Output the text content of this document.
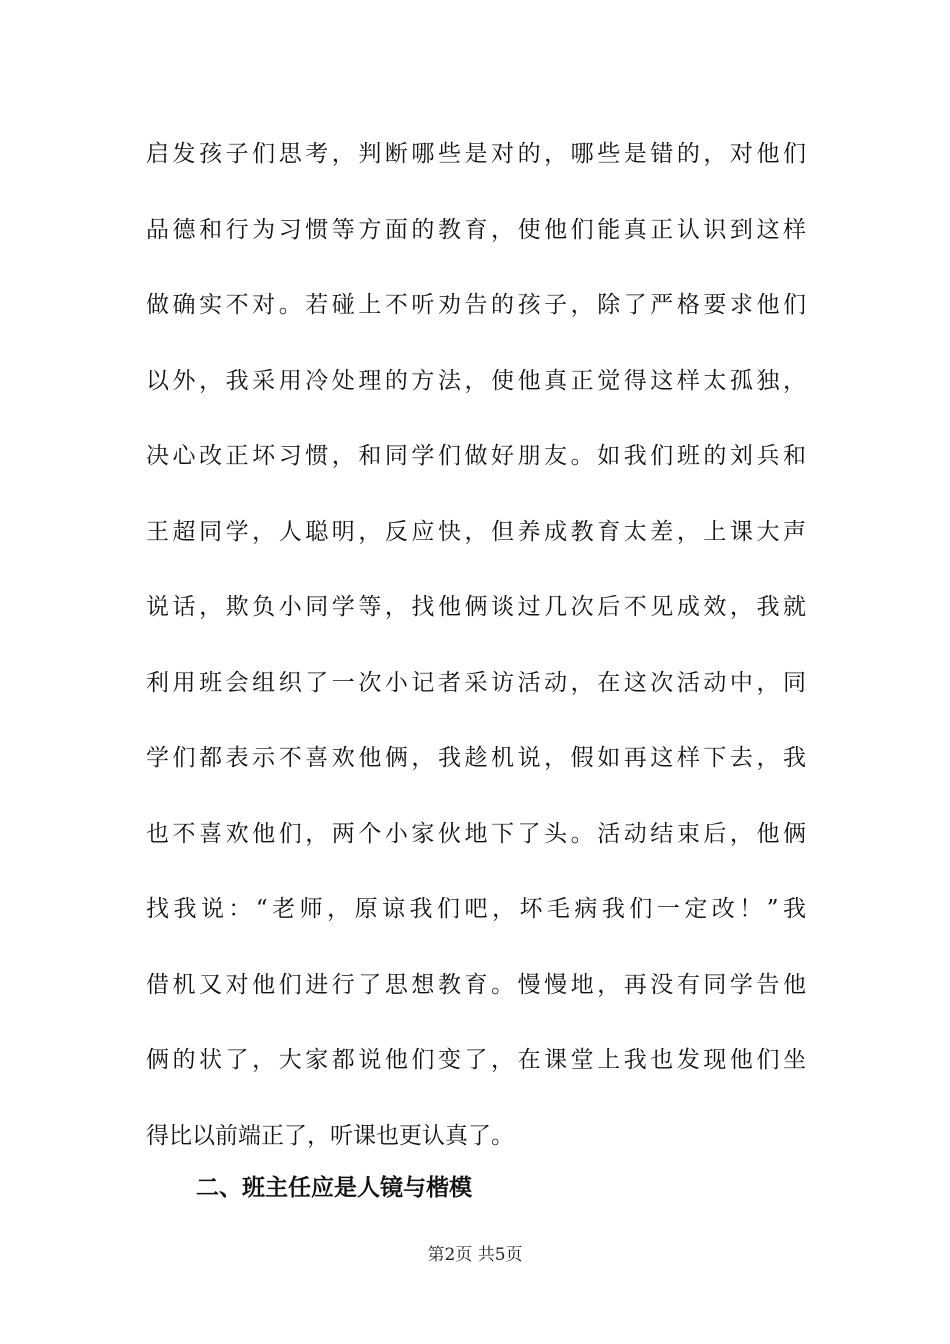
启发孩子们思考，判断哪些是对的，哪些是错的，对他们
品德和行为习惯等方面的教育，使他们能真正认识到这样
做确实不对。若碰上不听劝告的孩子，除了严格要求他们
以外，我采用冷处理的方法，使他真正觉得这样太孤独，
决心改正坏习惯，和同学们做好朋友。如我们班的刘兵和
王超同学，人聪明，反应快，但养成教育太差，上课大声
说话，欺负小同学等，找他俩谈过几次后不见成效，我就
利用班会组织了一次小记者采访活动，在这次活动中，同
学们都表示不喜欢他俩，我趁机说，假如再这样下去，我
也不喜欢他们，两个小家伙地下了头。活动结束后，他俩
找我说：“老师，原谅我们吧，坏毛病我们一定改！”我
借机又对他们进行了思想教育。慢慢地，再没有同学告他
俩的状了，大家都说他们变了，在课堂上我也发现他们坐
得比以前端正了，听课也更认真了。
二、班主任应是人镜与楷模
第2页 共5页
